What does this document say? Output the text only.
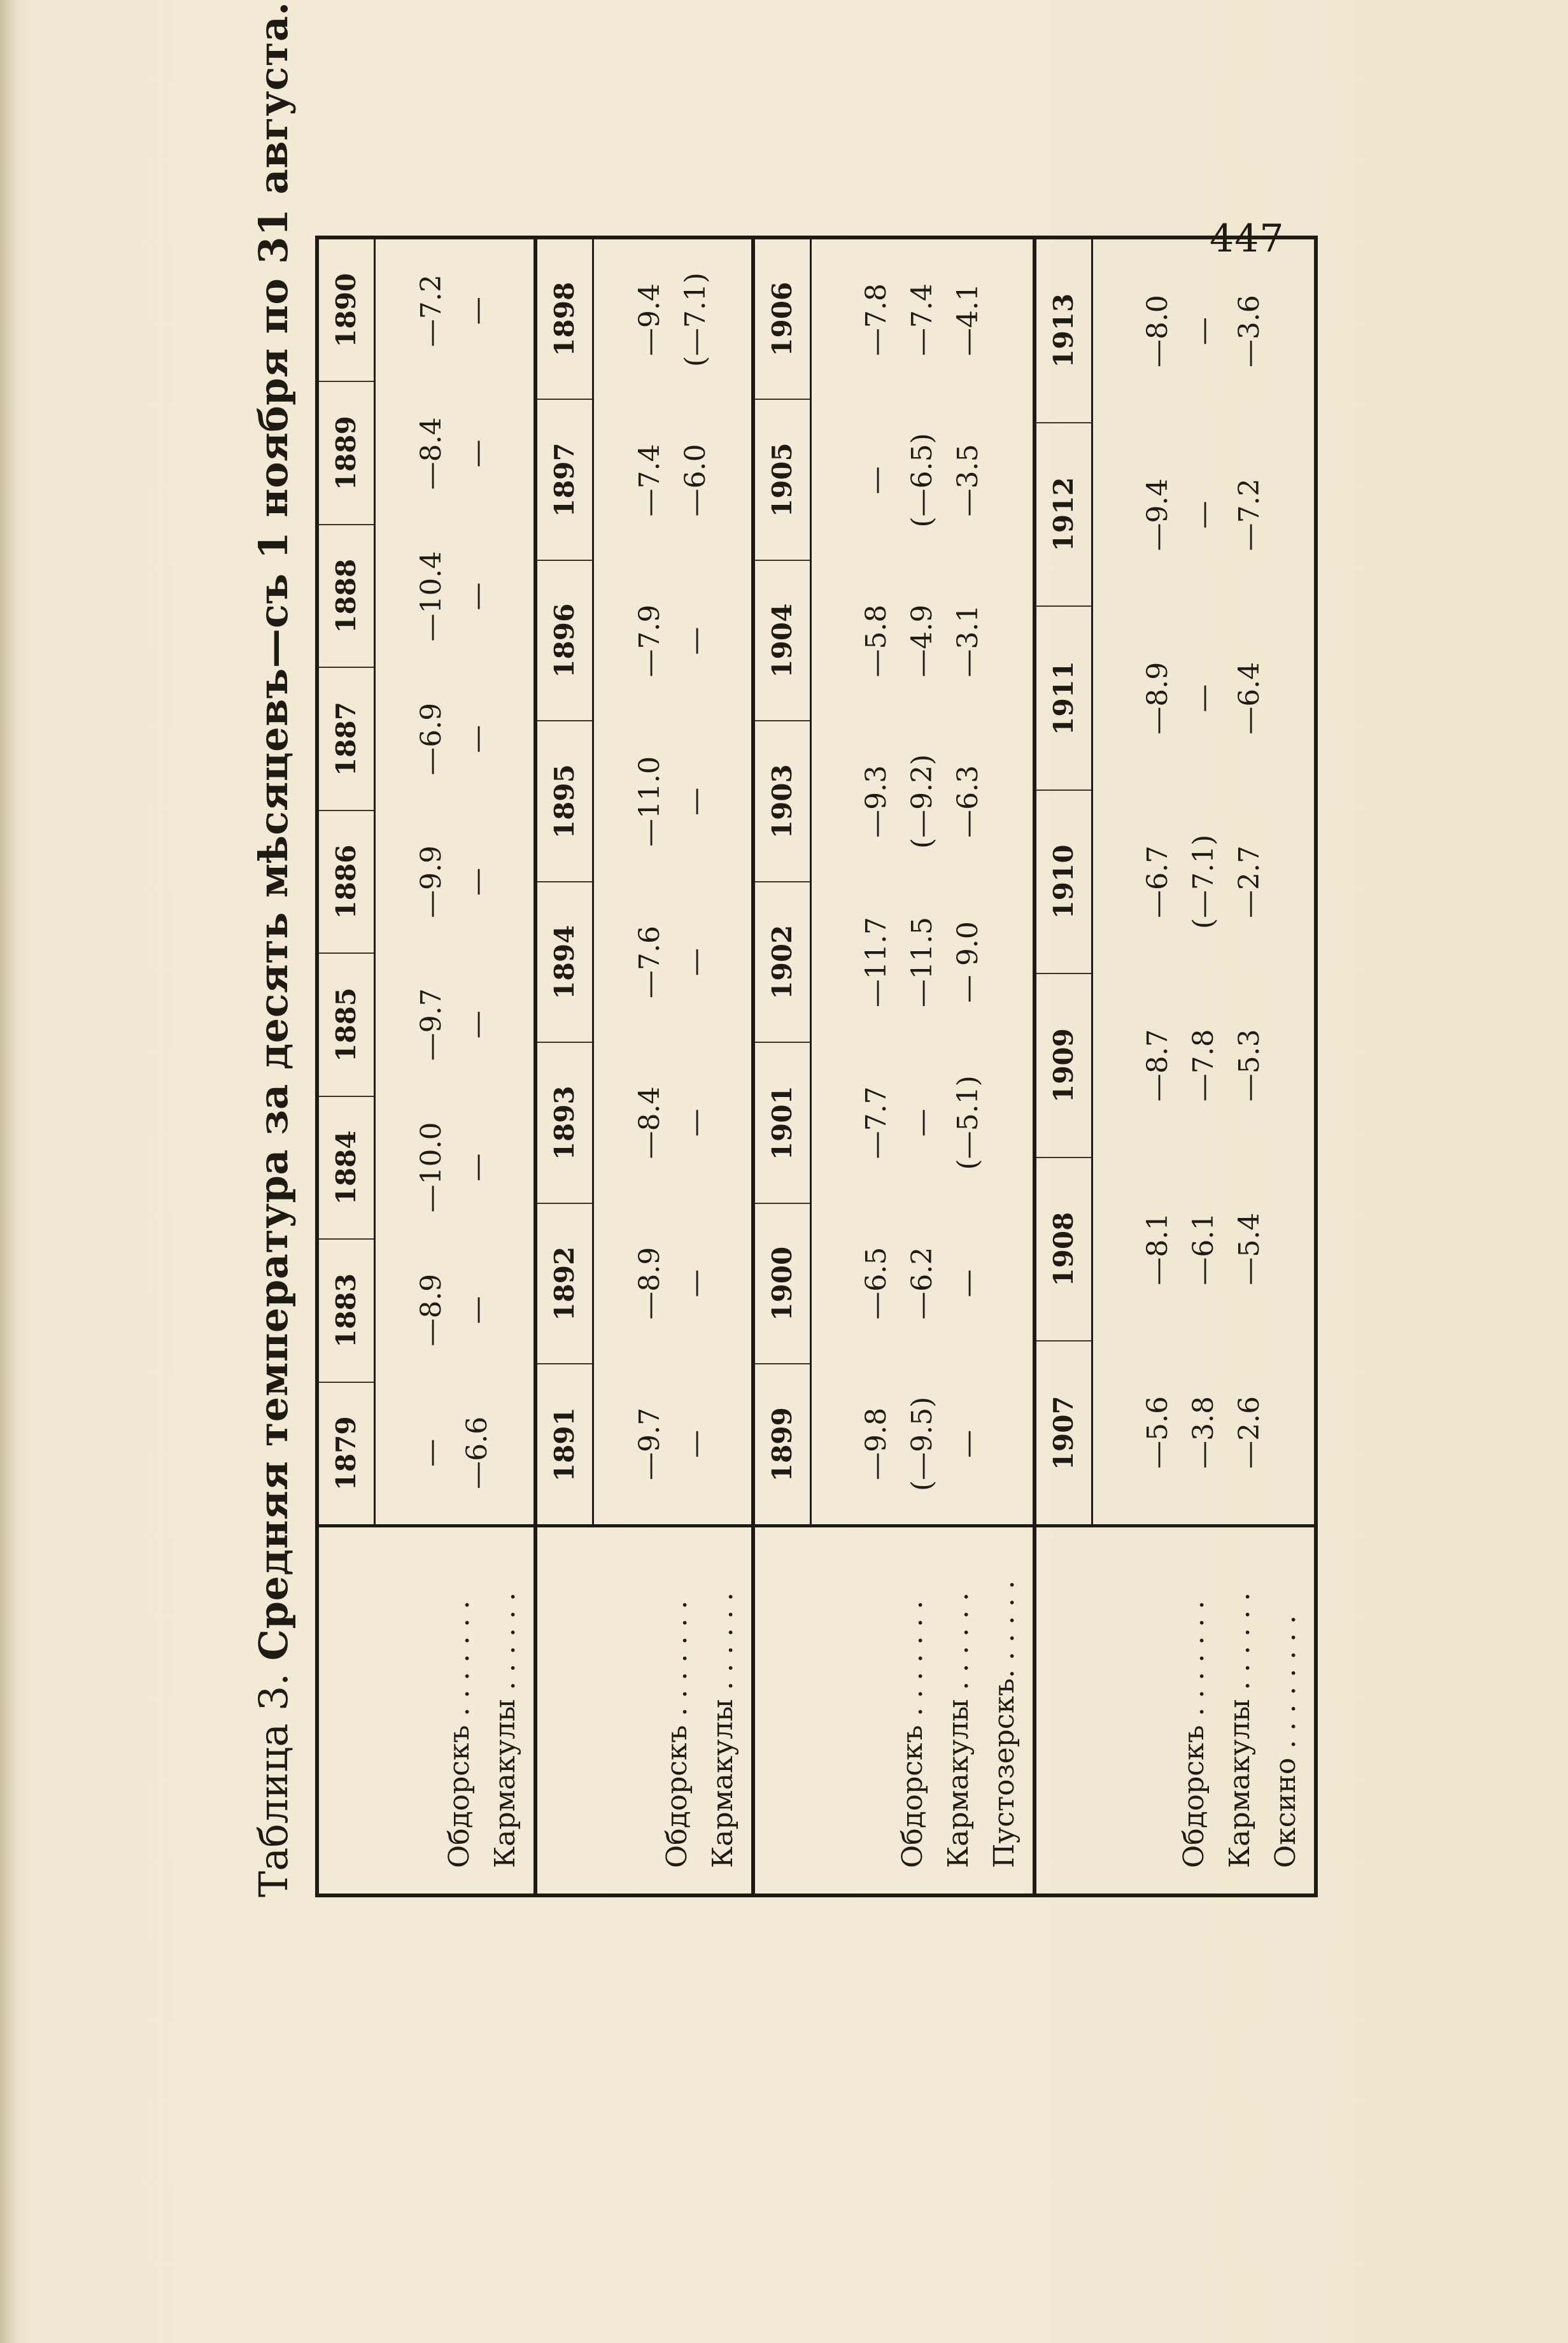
447
Таблица 3. Средняя температура за десять мѣсяцевъ—съ 1 ноября по 31 августа.
Обдорскъ . . . . . . . Кармакулы . . . . . .
1879
1883
1884
1885
1886
1887
1888
1889
1890
—
—8.9
—10.0
—9.7
—9.9
—6.9
—10.4
—8.4
—7.2
—6.6
—
—
—
—
—
—
—
—
Обдорскъ . . . . . . . Кармакулы . . . . . .
1891
1892
1893
1894
1895
1896
1897
1898
—9.7
—8.9
—8.4
—7.6
—11.0
—7.9
—7.4
—9.4
—
—
—
—
—
—
—6.0
(—7.1)
Обдорскъ . . . . . . . Кармакулы . . . . . . Пустозерскъ. . . . . .
1899
1900
1901
1902
1903
1904
1905
1906
—9.8
—6.5
—7.7
—11.7
—9.3
—5.8
—
—7.8
(—9.5)
—6.2
—
—11.5
(—9.2)
—4.9
(—6.5)
—7.4
—
—
(—5.1)
— 9.0
—6.3
—3.1
—3.5
—4.1
Обдорскъ . . . . . . . Кармакулы . . . . . . Оксино . . . . . . . .
1907
1908
1909
1910
1911
1912
1913
—5.6
—8.1
—8.7
—6.7
—8.9
—9.4
—8.0
—3.8
—6.1
—7.8
(—7.1)
—
—
—
—2.6
—5.4
—5.3
—2.7
—6.4
—7.2
—3.6
